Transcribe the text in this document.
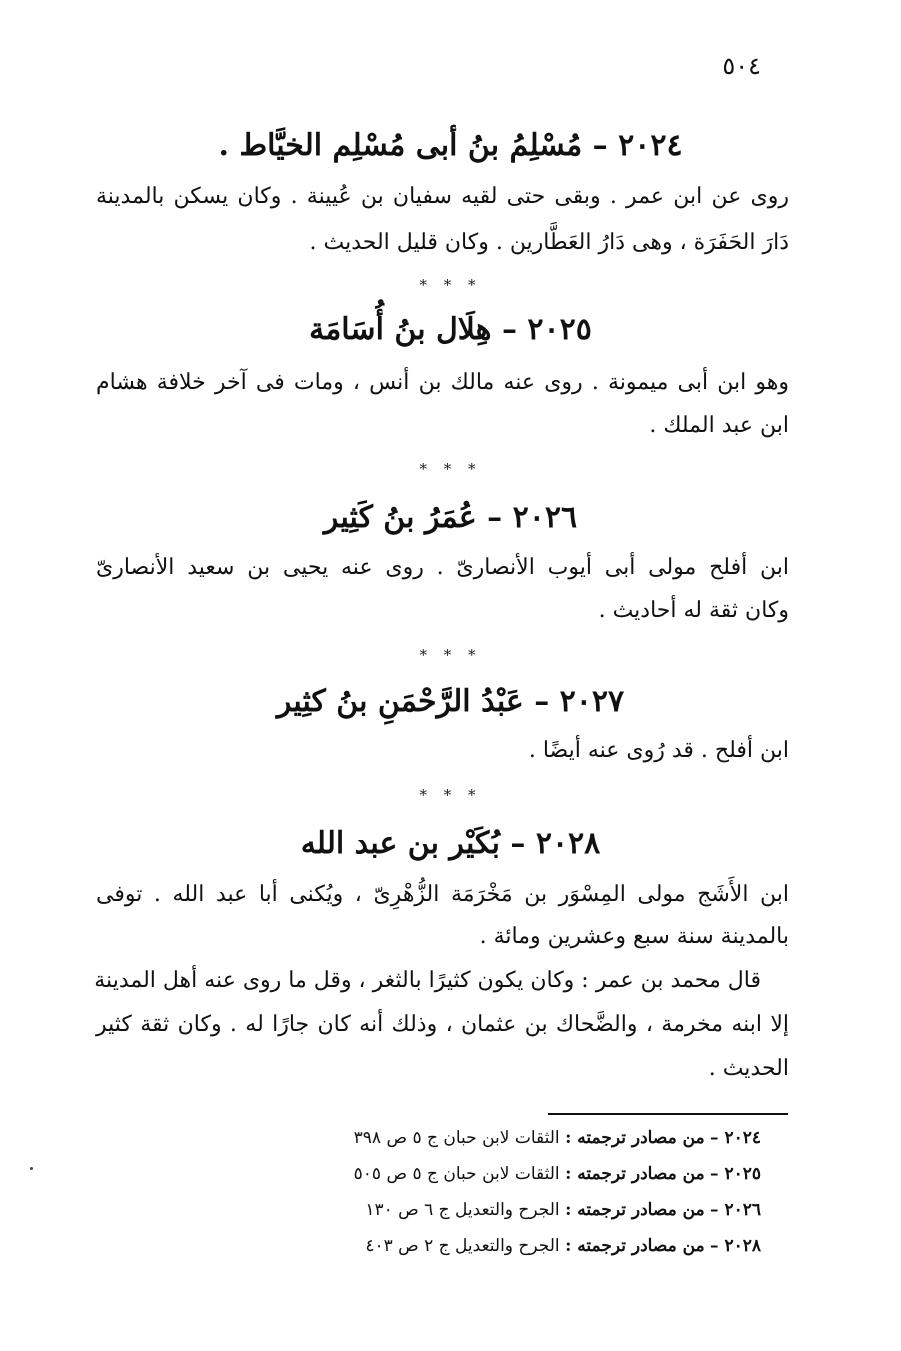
٥٠٤
٢٠٢٤ – مُسْلِمُ بنُ أبى مُسْلِم الخيَّاط .
روى عن ابن عمر . وبقى حتى لقيه سفيان بن عُيينة . وكان يسكن بالمدينة
دَارَ الحَفَرَة ، وهى دَارُ العَطَّارين . وكان قليل الحديث .
* * *
٢٠٢٥ – هِلَال بنُ أُسَامَة
وهو ابن أبى ميمونة . روى عنه مالك بن أنس ، ومات فى آخر خلافة هشام
ابن عبد الملك .
* * *
٢٠٢٦ – عُمَرُ بنُ كَثِير
ابن أفلح مولى أبى أيوب الأنصارىّ . روى عنه يحيى بن سعيد الأنصارىّ
وكان ثقة له أحاديث .
* * *
٢٠٢٧ – عَبْدُ الرَّحْمَنِ بنُ كثِير
ابن أفلح . قد رُوى عنه أيضًا .
* * *
٢٠٢٨ – بُكَيْر بن عبد الله
ابن الأَشَج مولى المِسْوَر بن مَخْرَمَة الزُّهْرِىّ ، ويُكنى أبا عبد الله . توفى
بالمدينة سنة سبع وعشرين ومائة .
قال محمد بن عمر : وكان يكون كثيرًا بالثغر ، وقل ما روى عنه أهل المدينة
إلا ابنه مخرمة ، والضَّحاك بن عثمان ، وذلك أنه كان جارًا له . وكان ثقة كثير
الحديث .
٢٠٢٤ – من مصادر ترجمته : الثقات لابن حبان ج ٥ ص ٣٩٨
٢٠٢٥ – من مصادر ترجمته : الثقات لابن حبان ج ٥ ص ٥٠٥
٢٠٢٦ – من مصادر ترجمته : الجرح والتعديل ج ٦ ص ١٣٠
٢٠٢٨ – من مصادر ترجمته : الجرح والتعديل ج ٢ ص ٤٠٣
